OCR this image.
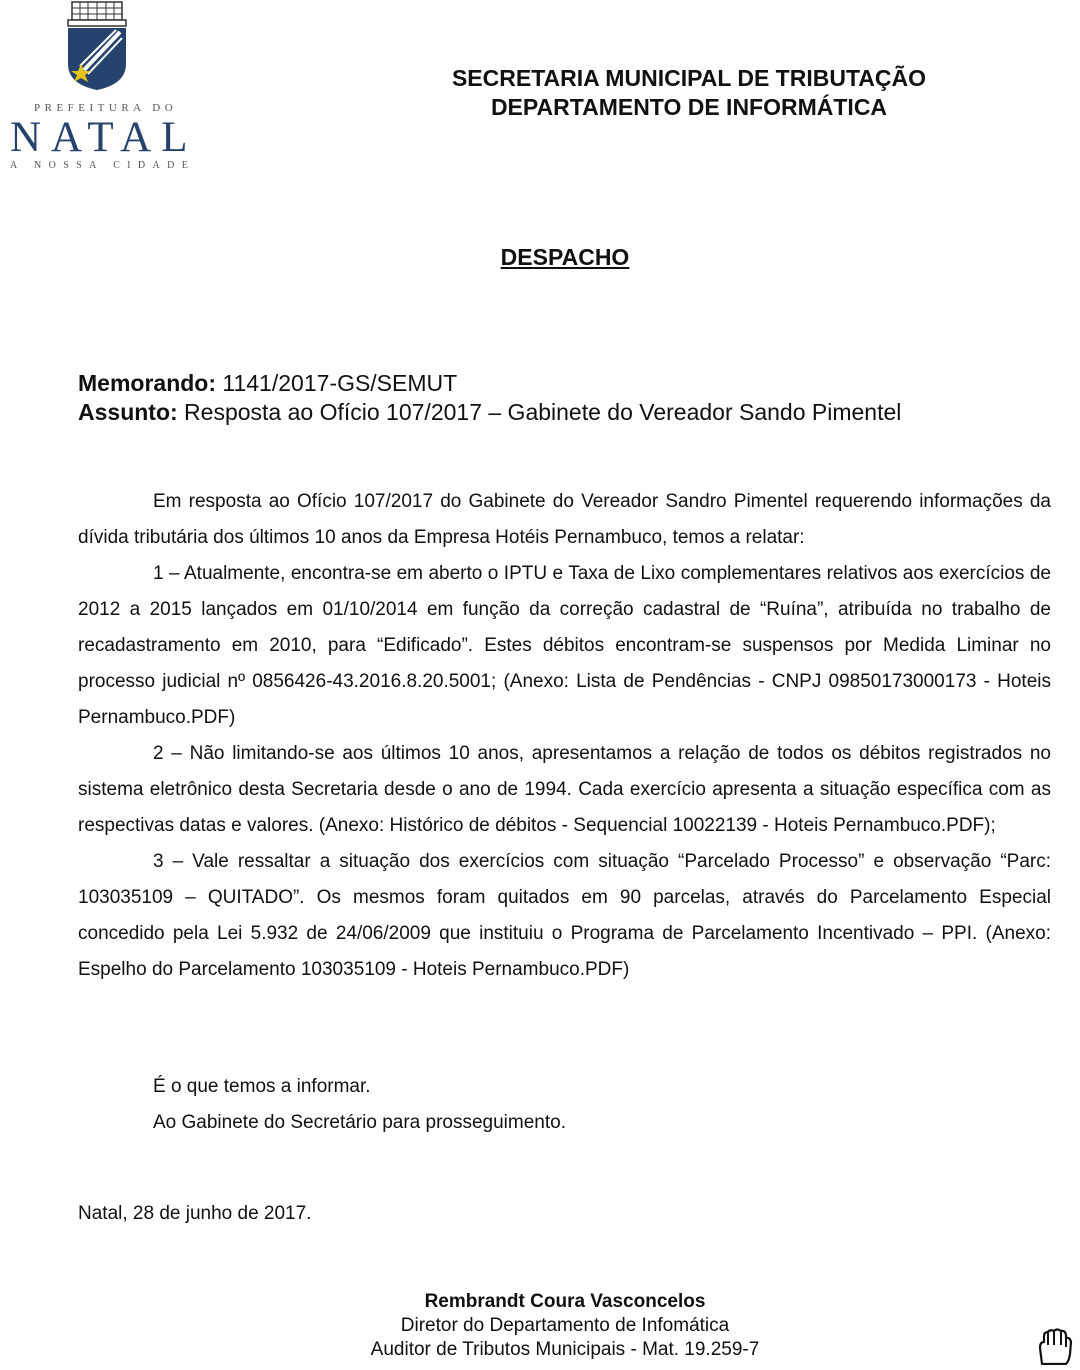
PREFEITURA DO
NATAL
A NOSSA CIDADE
SECRETARIA MUNICIPAL DE TRIBUTAÇÃO
DEPARTAMENTO DE INFORMÁTICA
DESPACHO
Memorando: 1141/2017-GS/SEMUT
Assunto: Resposta ao Ofício 107/2017 – Gabinete do Vereador Sando Pimentel

Em resposta ao Ofício 107/2017 do Gabinete do Vereador Sandro Pimentel requerendo informações da dívida tributária dos últimos 10 anos da Empresa Hotéis Pernambuco, temos a relatar:

1 – Atualmente, encontra-se em aberto o IPTU e Taxa de Lixo complementares relativos aos exercícios de 2012 a 2015 lançados em 01/10/2014 em função da correção cadastral de “Ruína”, atribuída no trabalho de recadastramento em 2010, para “Edificado”. Estes débitos encontram-se suspensos por Medida Liminar no processo judicial nº 0856426-43.2016.8.20.5001; (Anexo: Lista de Pendências - CNPJ 09850173000173 - Hoteis Pernambuco.PDF)

2 – Não limitando-se aos últimos 10 anos, apresentamos a relação de todos os débitos registrados no sistema eletrônico desta Secretaria desde o ano de 1994. Cada exercício apresenta a situação específica com as respectivas datas e valores. (Anexo: Histórico de débitos - Sequencial 10022139 - Hoteis Pernambuco.PDF);

3 – Vale ressaltar a situação dos exercícios com situação “Parcelado Processo” e observação “Parc: 103035109 – QUITADO”. Os mesmos foram quitados em 90 parcelas, através do Parcelamento Especial concedido pela Lei 5.932 de 24/06/2009 que instituiu o Programa de Parcelamento Incentivado – PPI. (Anexo: Espelho do Parcelamento 103035109 - Hoteis Pernambuco.PDF)

É o que temos a informar.
Ao Gabinete do Secretário para prosseguimento.
Natal, 28 de junho de 2017.
Rembrandt Coura Vasconcelos
Diretor do Departamento de Infomática
Auditor de Tributos Municipais - Mat. 19.259-7
